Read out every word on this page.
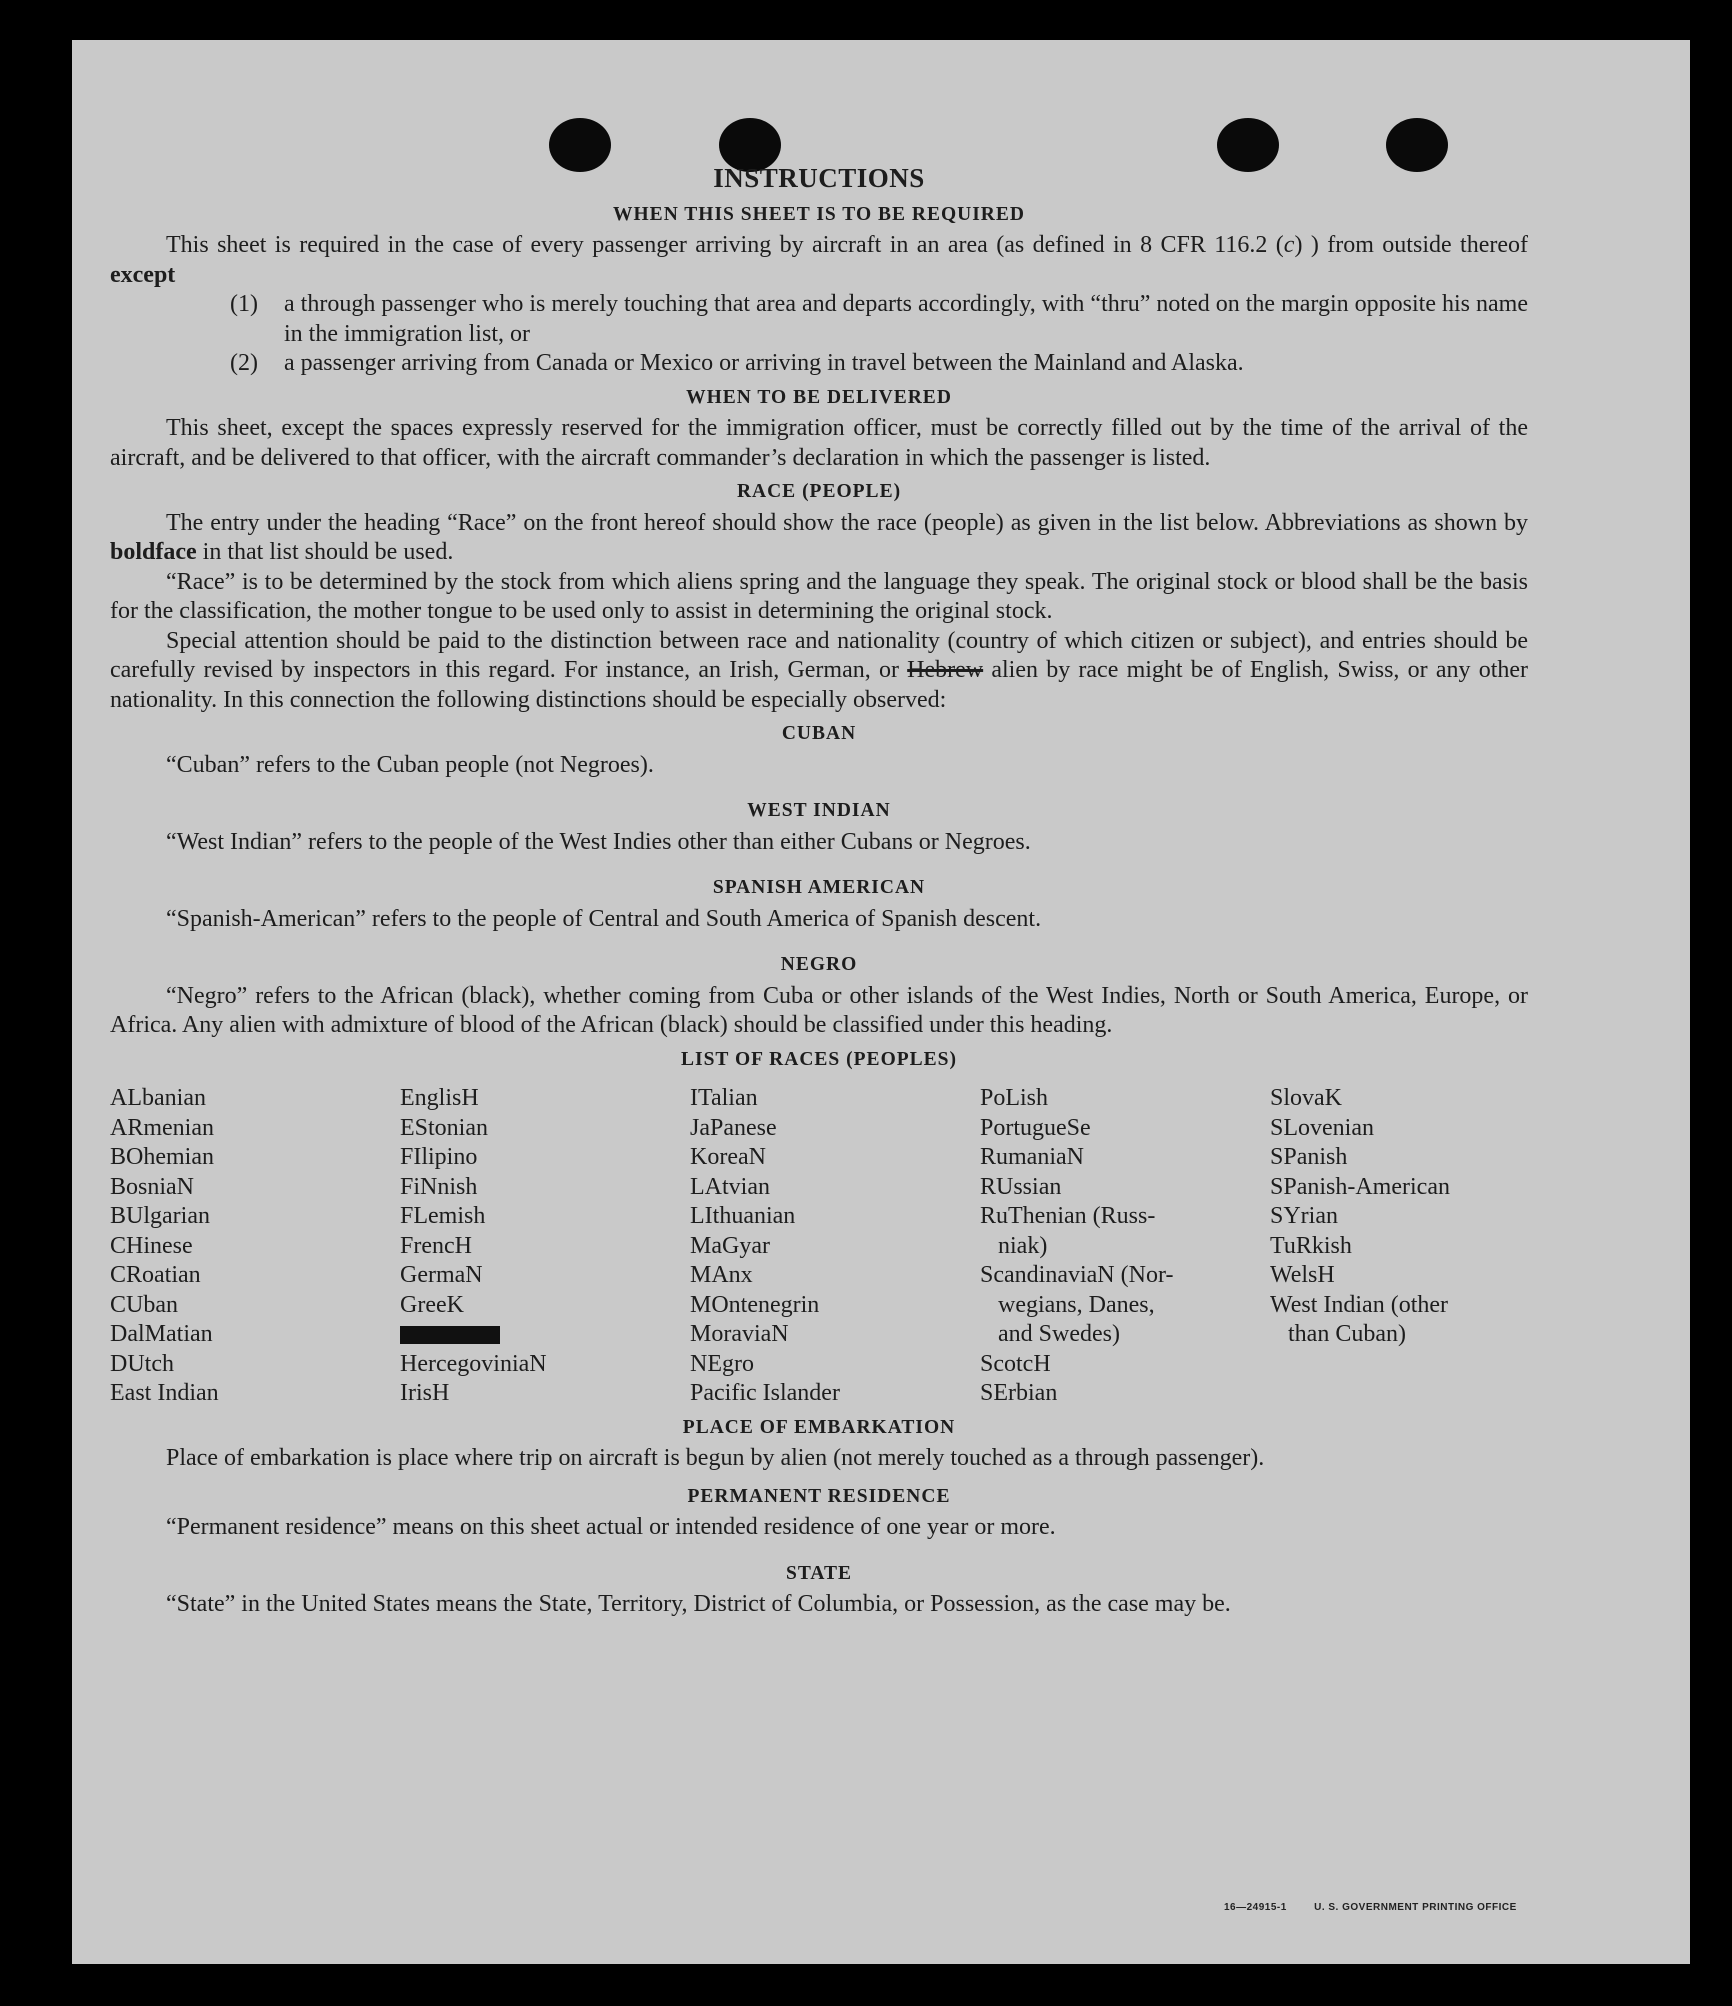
INSTRUCTIONS
WHEN THIS SHEET IS TO BE REQUIRED

This sheet is required in the case of every passenger arriving by aircraft in an area (as defined in 8 CFR 116.2 (c) ) from outside thereof except

(1)	a through passenger who is merely touching that area and departs accordingly, with “thru” noted on the margin opposite his name in the immigration list, or
(2)	a passenger arriving from Canada or Mexico or arriving in travel between the Mainland and Alaska.
WHEN TO BE DELIVERED

This sheet, except the spaces expressly reserved for the immigration officer, must be correctly filled out by the time of the arrival of the aircraft, and be delivered to that officer, with the aircraft commander’s declaration in which the passenger is listed.

RACE (PEOPLE)

The entry under the heading “Race” on the front hereof should show the race (people) as given in the list below. Abbreviations as shown by boldface in that list should be used.

“Race” is to be determined by the stock from which aliens spring and the language they speak. The original stock or blood shall be the basis for the classification, the mother tongue to be used only to assist in determining the original stock.

Special attention should be paid to the distinction between race and nationality (country of which citizen or subject), and entries should be carefully revised by inspectors in this regard. For instance, an Irish, German, or Hebrew alien by race might be of English, Swiss, or any other nationality. In this connection the following distinctions should be especially observed:

CUBAN

“Cuban” refers to the Cuban people (not Negroes).

WEST INDIAN

“West Indian” refers to the people of the West Indies other than either Cubans or Negroes.

SPANISH AMERICAN

“Spanish-American” refers to the people of Central and South America of Spanish descent.

NEGRO

“Negro” refers to the African (black), whether coming from Cuba or other islands of the West Indies, North or South America, Europe, or Africa. Any alien with admixture of blood of the African (black) should be classified under this heading.

LIST OF RACES (PEOPLES)
ALbanian
ARmenian
BOhemian
BosniaN
BUlgarian
CHinese
CRoatian
CUban
DalMatian
DUtch
East Indian
EnglisH
EStonian
FIlipino
FiNnish
FLemish
FrencH
GermaN
GreeK
HercegoviniaN
IrisH
ITalian
JaPanese
KoreaN
LAtvian
LIthuanian
MaGyar
MAnx
MOntenegrin
MoraviaN
NEgro
Pacific Islander
PoLish
PortugueSe
RumaniaN
RUssian
RuThenian (Russ-
niak)
ScandinaviaN (Nor-
wegians, Danes,
and Swedes)
ScotcH
SErbian
SlovaK
SLovenian
SPanish
SPanish-American
SYrian
TuRkish
WelsH
West Indian (other
than Cuban)
PLACE OF EMBARKATION

Place of embarkation is place where trip on aircraft is begun by alien (not merely touched as a through passenger).

PERMANENT RESIDENCE

“Permanent residence” means on this sheet actual or intended residence of one year or more.

STATE

“State” in the United States means the State, Territory, District of Columbia, or Possession, as the case may be.

16—24915-1	U. S. GOVERNMENT PRINTING OFFICE
